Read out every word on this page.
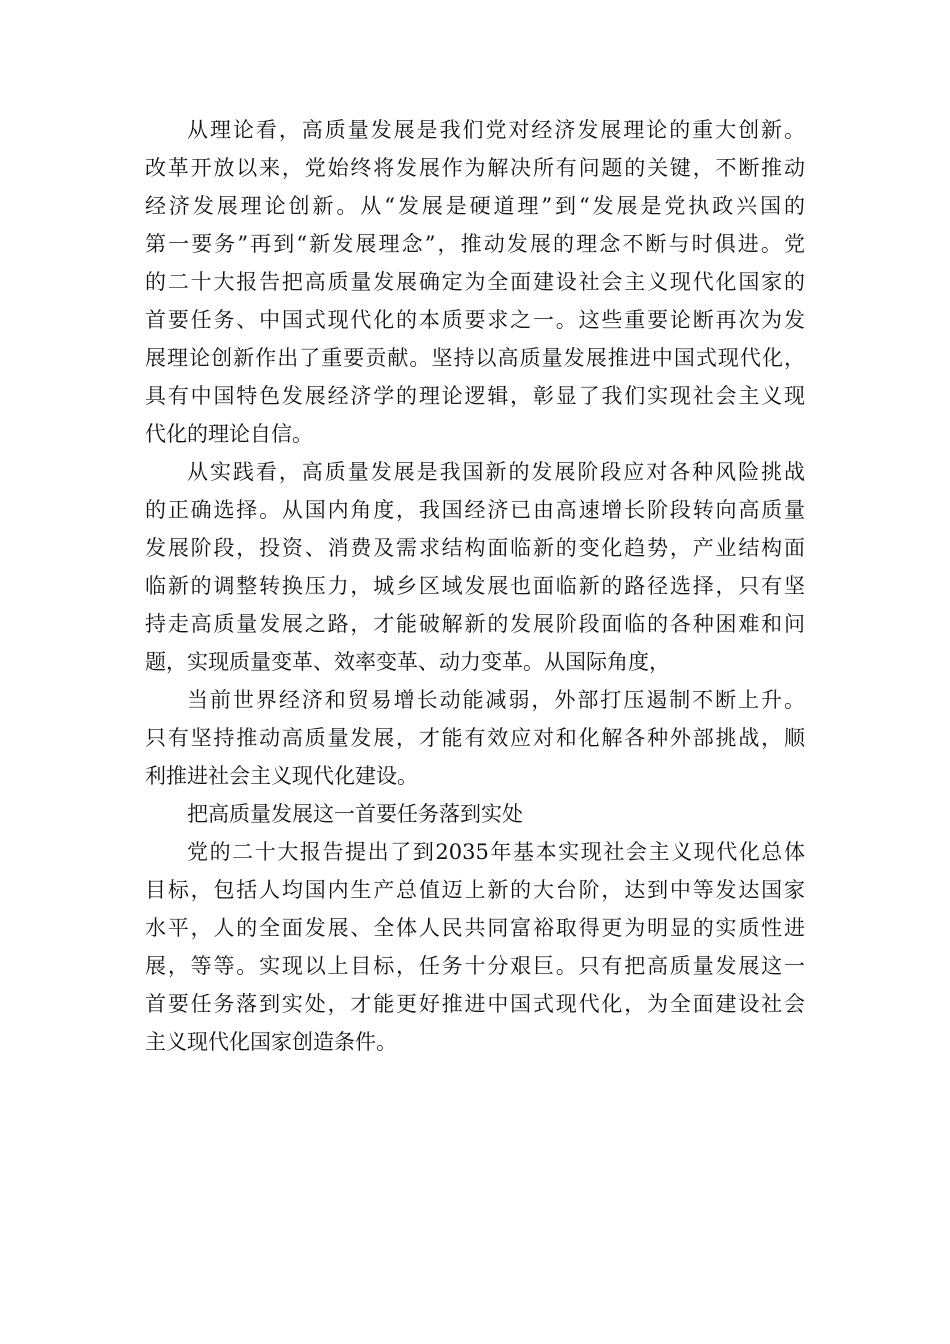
从理论看，高质量发展是我们党对经济发展理论的重大创新。
改革开放以来，党始终将发展作为解决所有问题的关键，不断推动
经济发展理论创新。从“发展是硬道理”到“发展是党执政兴国的
第一要务”再到“新发展理念”，推动发展的理念不断与时俱进。党
的二十大报告把高质量发展确定为全面建设社会主义现代化国家的
首要任务、中国式现代化的本质要求之一。这些重要论断再次为发
展理论创新作出了重要贡献。坚持以高质量发展推进中国式现代化，
具有中国特色发展经济学的理论逻辑，彰显了我们实现社会主义现
代化的理论自信。
从实践看，高质量发展是我国新的发展阶段应对各种风险挑战
的正确选择。从国内角度，我国经济已由高速增长阶段转向高质量
发展阶段，投资、消费及需求结构面临新的变化趋势，产业结构面
临新的调整转换压力，城乡区域发展也面临新的路径选择，只有坚
持走高质量发展之路，才能破解新的发展阶段面临的各种困难和问
题，实现质量变革、效率变革、动力变革。从国际角度，
当前世界经济和贸易增长动能减弱，外部打压遏制不断上升。
只有坚持推动高质量发展，才能有效应对和化解各种外部挑战，顺
利推进社会主义现代化建设。
把高质量发展这一首要任务落到实处
党的二十大报告提出了到2035年基本实现社会主义现代化总体
目标，包括人均国内生产总值迈上新的大台阶，达到中等发达国家
水平，人的全面发展、全体人民共同富裕取得更为明显的实质性进
展，等等。实现以上目标，任务十分艰巨。只有把高质量发展这一
首要任务落到实处，才能更好推进中国式现代化，为全面建设社会
主义现代化国家创造条件。
